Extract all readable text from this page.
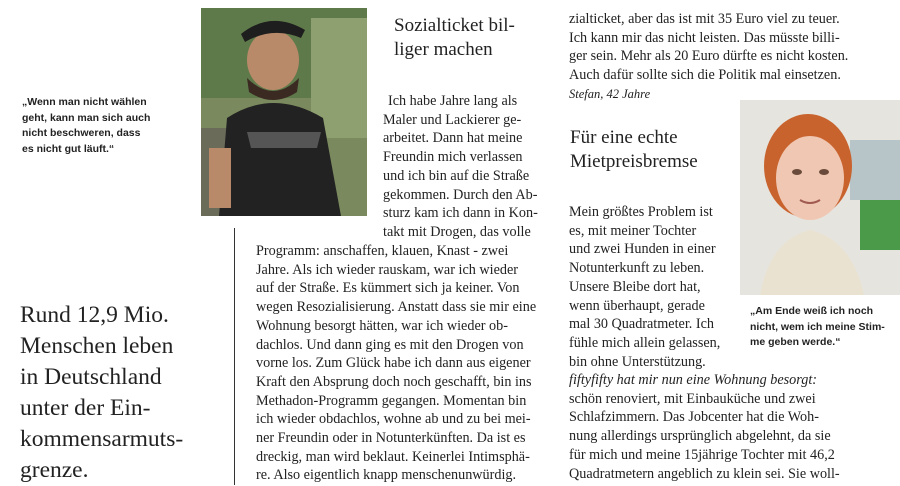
„Wenn man nicht wählen
geht, kann man sich auch
nicht beschweren, dass
es nicht gut läuft.“
Rund 12,9 Mio.
Menschen leben
in Deutschland
unter der Ein-
kommensarmuts-
grenze.
Sozialticket bil-
liger machen
Ich habe Jahre lang als
Maler und Lackierer ge-
arbeitet. Dann hat meine
Freundin mich verlassen
und ich bin auf die Straße
gekommen. Durch den Ab-
sturz kam ich dann in Kon-
takt mit Drogen, das volle
Programm: anschaffen, klauen, Knast - zwei
Jahre. Als ich wieder rauskam, war ich wieder
auf der Straße. Es kümmert sich ja keiner. Von
wegen Resozialisierung. Anstatt dass sie mir eine
Wohnung besorgt hätten, war ich wieder ob-
dachlos. Und dann ging es mit den Drogen von
vorne los. Zum Glück habe ich dann aus eigener
Kraft den Absprung doch noch geschafft, bin ins
Methadon-Programm gegangen. Momentan bin
ich wieder obdachlos, wohne ab und zu bei mei-
ner Freundin oder in Notunterkünften. Da ist es
dreckig, man wird beklaut. Keinerlei Intimsphä-
re. Also eigentlich knapp menschenunwürdig.
zialticket, aber das ist mit 35 Euro viel zu teuer.
Ich kann mir das nicht leisten. Das müsste billi-
ger sein. Mehr als 20 Euro dürfte es nicht kosten.
Auch dafür sollte sich die Politik mal einsetzen.
Stefan, 42 Jahre
Für eine echte
Mietpreisbremse
Mein größtes Problem ist
es, mit meiner Tochter
und zwei Hunden in einer
Notunterkunft zu leben.
Unsere Bleibe dort hat,
wenn überhaupt, gerade
mal 30 Quadratmeter. Ich
fühle mich allein gelassen,
bin ohne Unterstützung.
fiftyfifty hat mir nun eine Wohnung besorgt:
schön renoviert, mit Einbauküche und zwei
Schlafzimmern. Das Jobcenter hat die Woh-
nung allerdings ursprünglich abgelehnt, da sie
für mich und meine 15jährige Tochter mit 46,2
Quadratmetern angeblich zu klein sei. Sie woll-
„Am Ende weiß ich noch
nicht, wem ich meine Stim-
me geben werde.“
